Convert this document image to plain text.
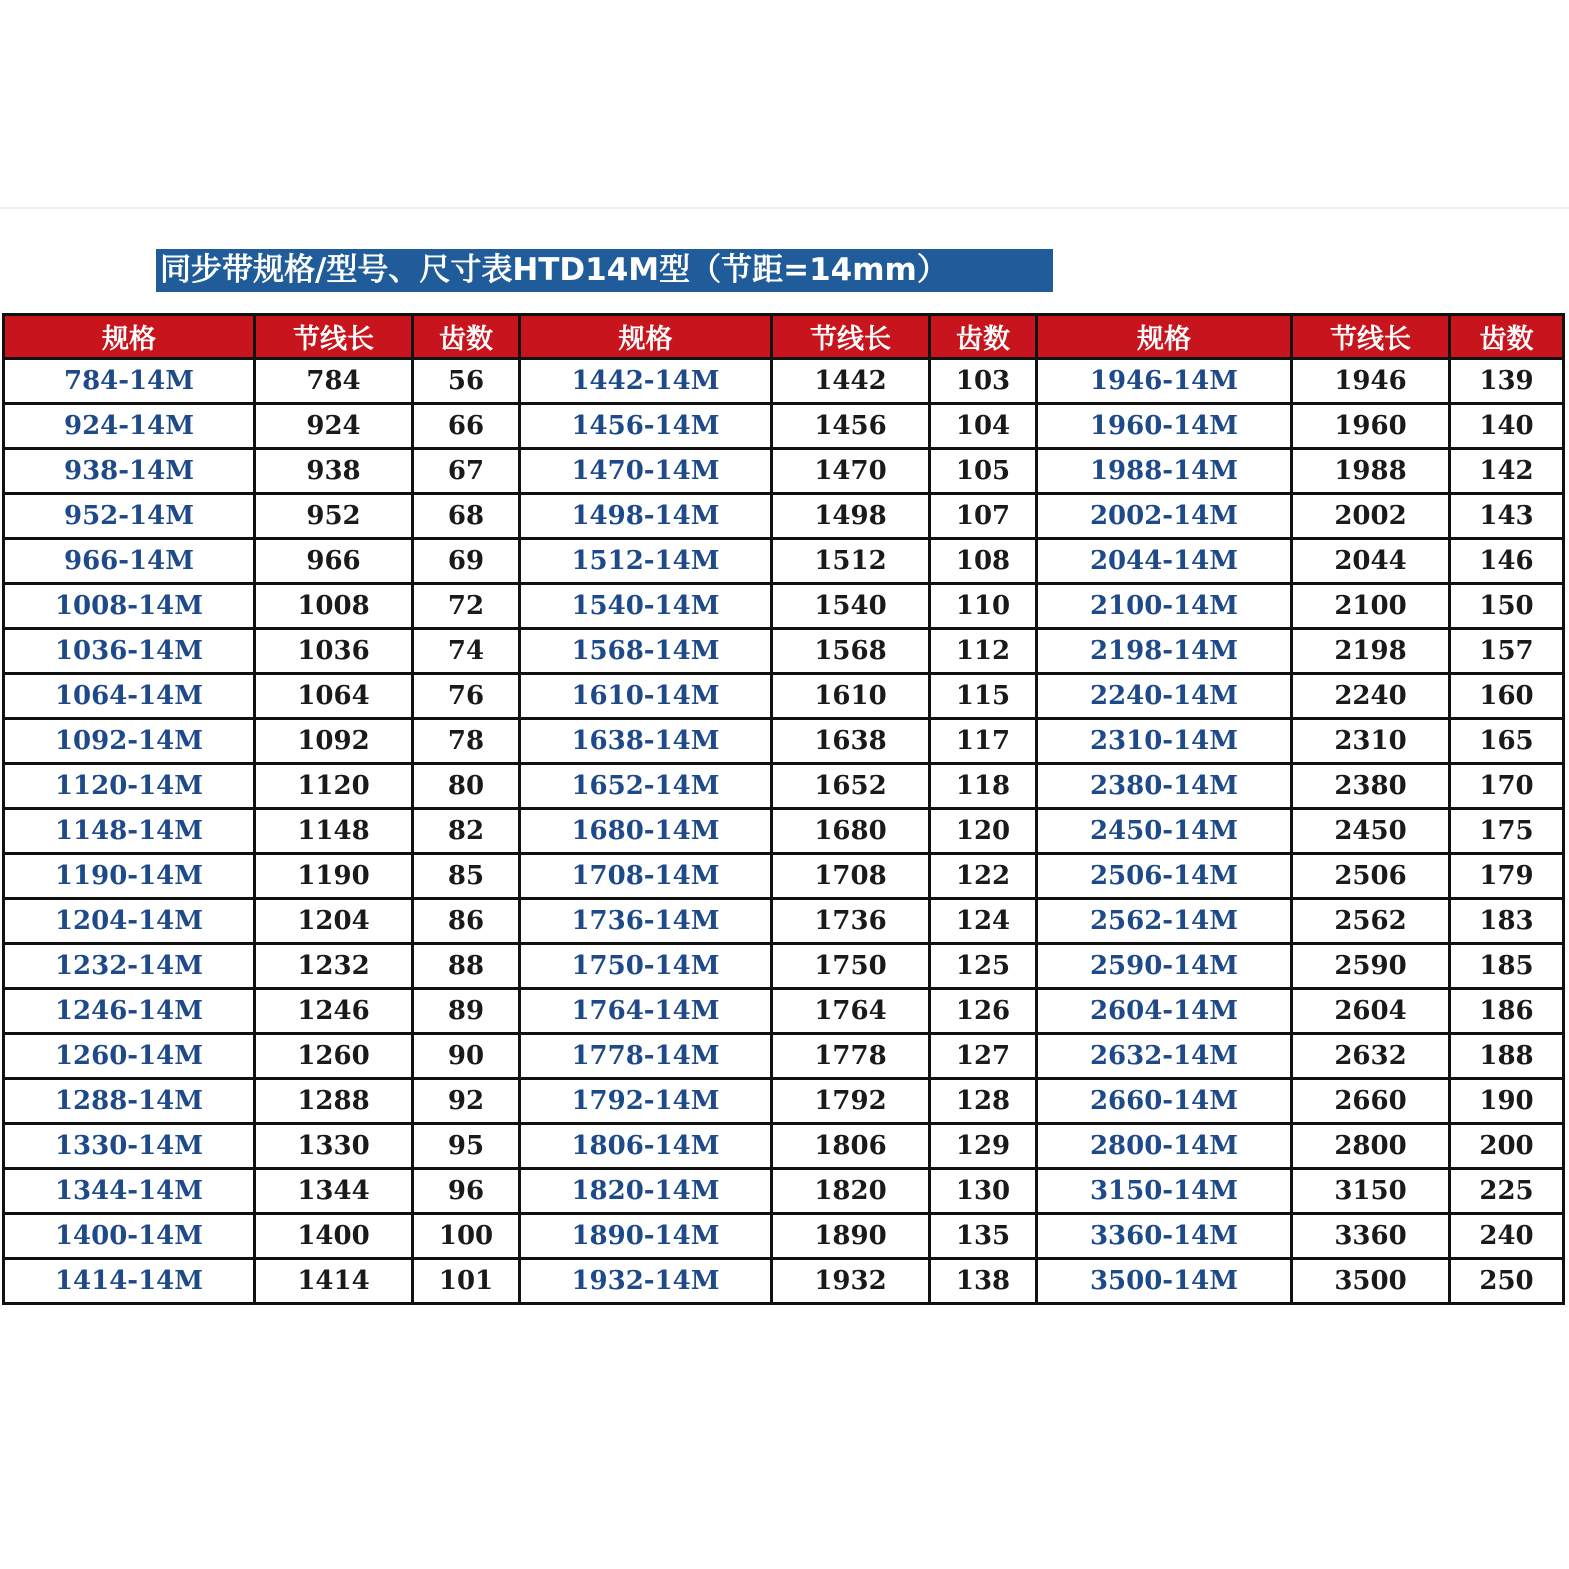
同步带规格/型号、尺寸表HTD14M型（节距=14mm）
规格	节线长	齿数	规格	节线长	齿数	规格	节线长	齿数
784-14M	784	56	1442-14M	1442	103	1946-14M	1946	139
924-14M	924	66	1456-14M	1456	104	1960-14M	1960	140
938-14M	938	67	1470-14M	1470	105	1988-14M	1988	142
952-14M	952	68	1498-14M	1498	107	2002-14M	2002	143
966-14M	966	69	1512-14M	1512	108	2044-14M	2044	146
1008-14M	1008	72	1540-14M	1540	110	2100-14M	2100	150
1036-14M	1036	74	1568-14M	1568	112	2198-14M	2198	157
1064-14M	1064	76	1610-14M	1610	115	2240-14M	2240	160
1092-14M	1092	78	1638-14M	1638	117	2310-14M	2310	165
1120-14M	1120	80	1652-14M	1652	118	2380-14M	2380	170
1148-14M	1148	82	1680-14M	1680	120	2450-14M	2450	175
1190-14M	1190	85	1708-14M	1708	122	2506-14M	2506	179
1204-14M	1204	86	1736-14M	1736	124	2562-14M	2562	183
1232-14M	1232	88	1750-14M	1750	125	2590-14M	2590	185
1246-14M	1246	89	1764-14M	1764	126	2604-14M	2604	186
1260-14M	1260	90	1778-14M	1778	127	2632-14M	2632	188
1288-14M	1288	92	1792-14M	1792	128	2660-14M	2660	190
1330-14M	1330	95	1806-14M	1806	129	2800-14M	2800	200
1344-14M	1344	96	1820-14M	1820	130	3150-14M	3150	225
1400-14M	1400	100	1890-14M	1890	135	3360-14M	3360	240
1414-14M	1414	101	1932-14M	1932	138	3500-14M	3500	250
